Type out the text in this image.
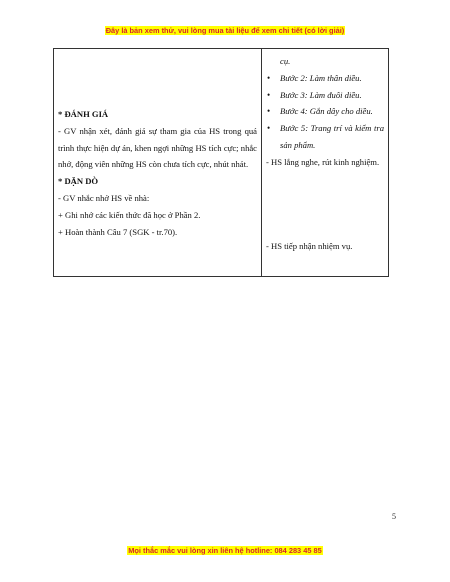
Đây là bản xem thử, vui lòng mua tài liệu để xem chi tiết (có lời giải)
* ĐÁNH GIÁ
- GV nhận xét, đánh giá sự tham gia của HS trong quá trình thực hiện dự án, khen ngợi những HS tích cực; nhắc nhở, động viên những HS còn chưa tích cực, nhút nhát.
* DẶN DÒ
- GV nhắc nhở HS về nhà:
+ Ghi nhớ các kiến thức đã học ở Phần 2.
+ Hoàn thành Câu 7 (SGK - tr.70).
cụ.
• Bước 2: Làm thân diều.
• Bước 3: Làm đuôi diều.
• Bước 4: Gắn dây cho diều.
• Bước 5: Trang trí và kiểm tra sản phẩm.
- HS lắng nghe, rút kinh nghiệm.
- HS tiếp nhận nhiệm vụ.
5
Mọi thắc mắc vui lòng xin liên hệ hotline: 084 283 45 85
